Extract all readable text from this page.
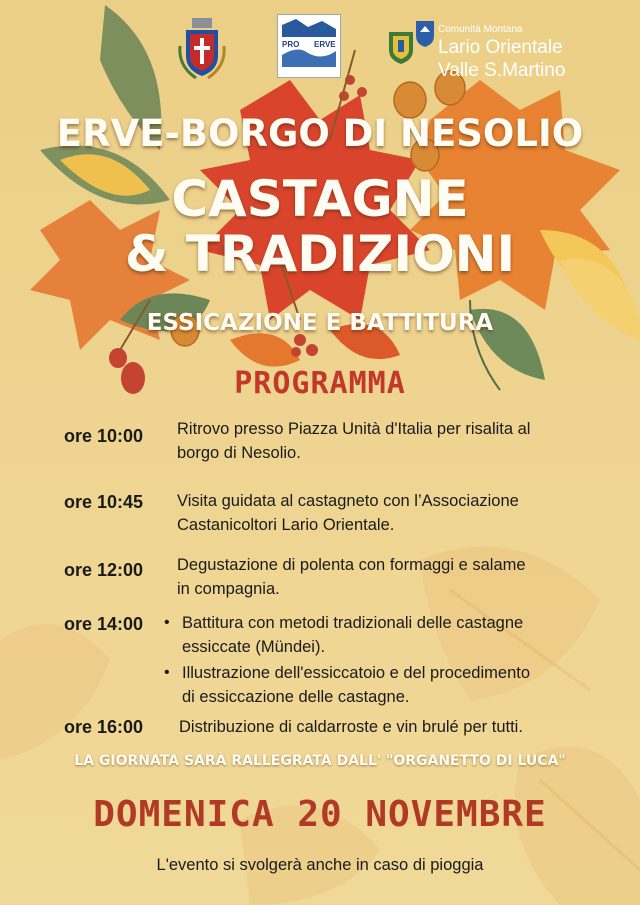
PRO ERVE
Comunità Montana
Lario Orientale
Valle S.Martino
ERVE-BORGO DI NESOLIO
CASTAGNE
& TRADIZIONI
ESSICAZIONE E BATTITURA
PROGRAMMA
ore 10:00 Ritrovo presso Piazza Unità d'Italia per risalita al
borgo di Nesolio.
ore 10:45 Visita guidata al castagneto con l’Associazione
Castanicoltori Lario Orientale.
ore 12:00 Degustazione di polenta con formaggi e salame
in compagnia.
ore 14:00 • Battitura con metodi tradizionali delle castagne
essiccate (Mündei).
• Illustrazione dell'essiccatoio e del procedimento
di essiccazione delle castagne.
ore 16:00 Distribuzione di caldarroste e vin brulé per tutti.
LA GIORNATA SARÀ RALLEGRATA DALL' "ORGANETTO DI LUCA"
DOMENICA 20 NOVEMBRE
L'evento si svolgerà anche in caso di pioggia
